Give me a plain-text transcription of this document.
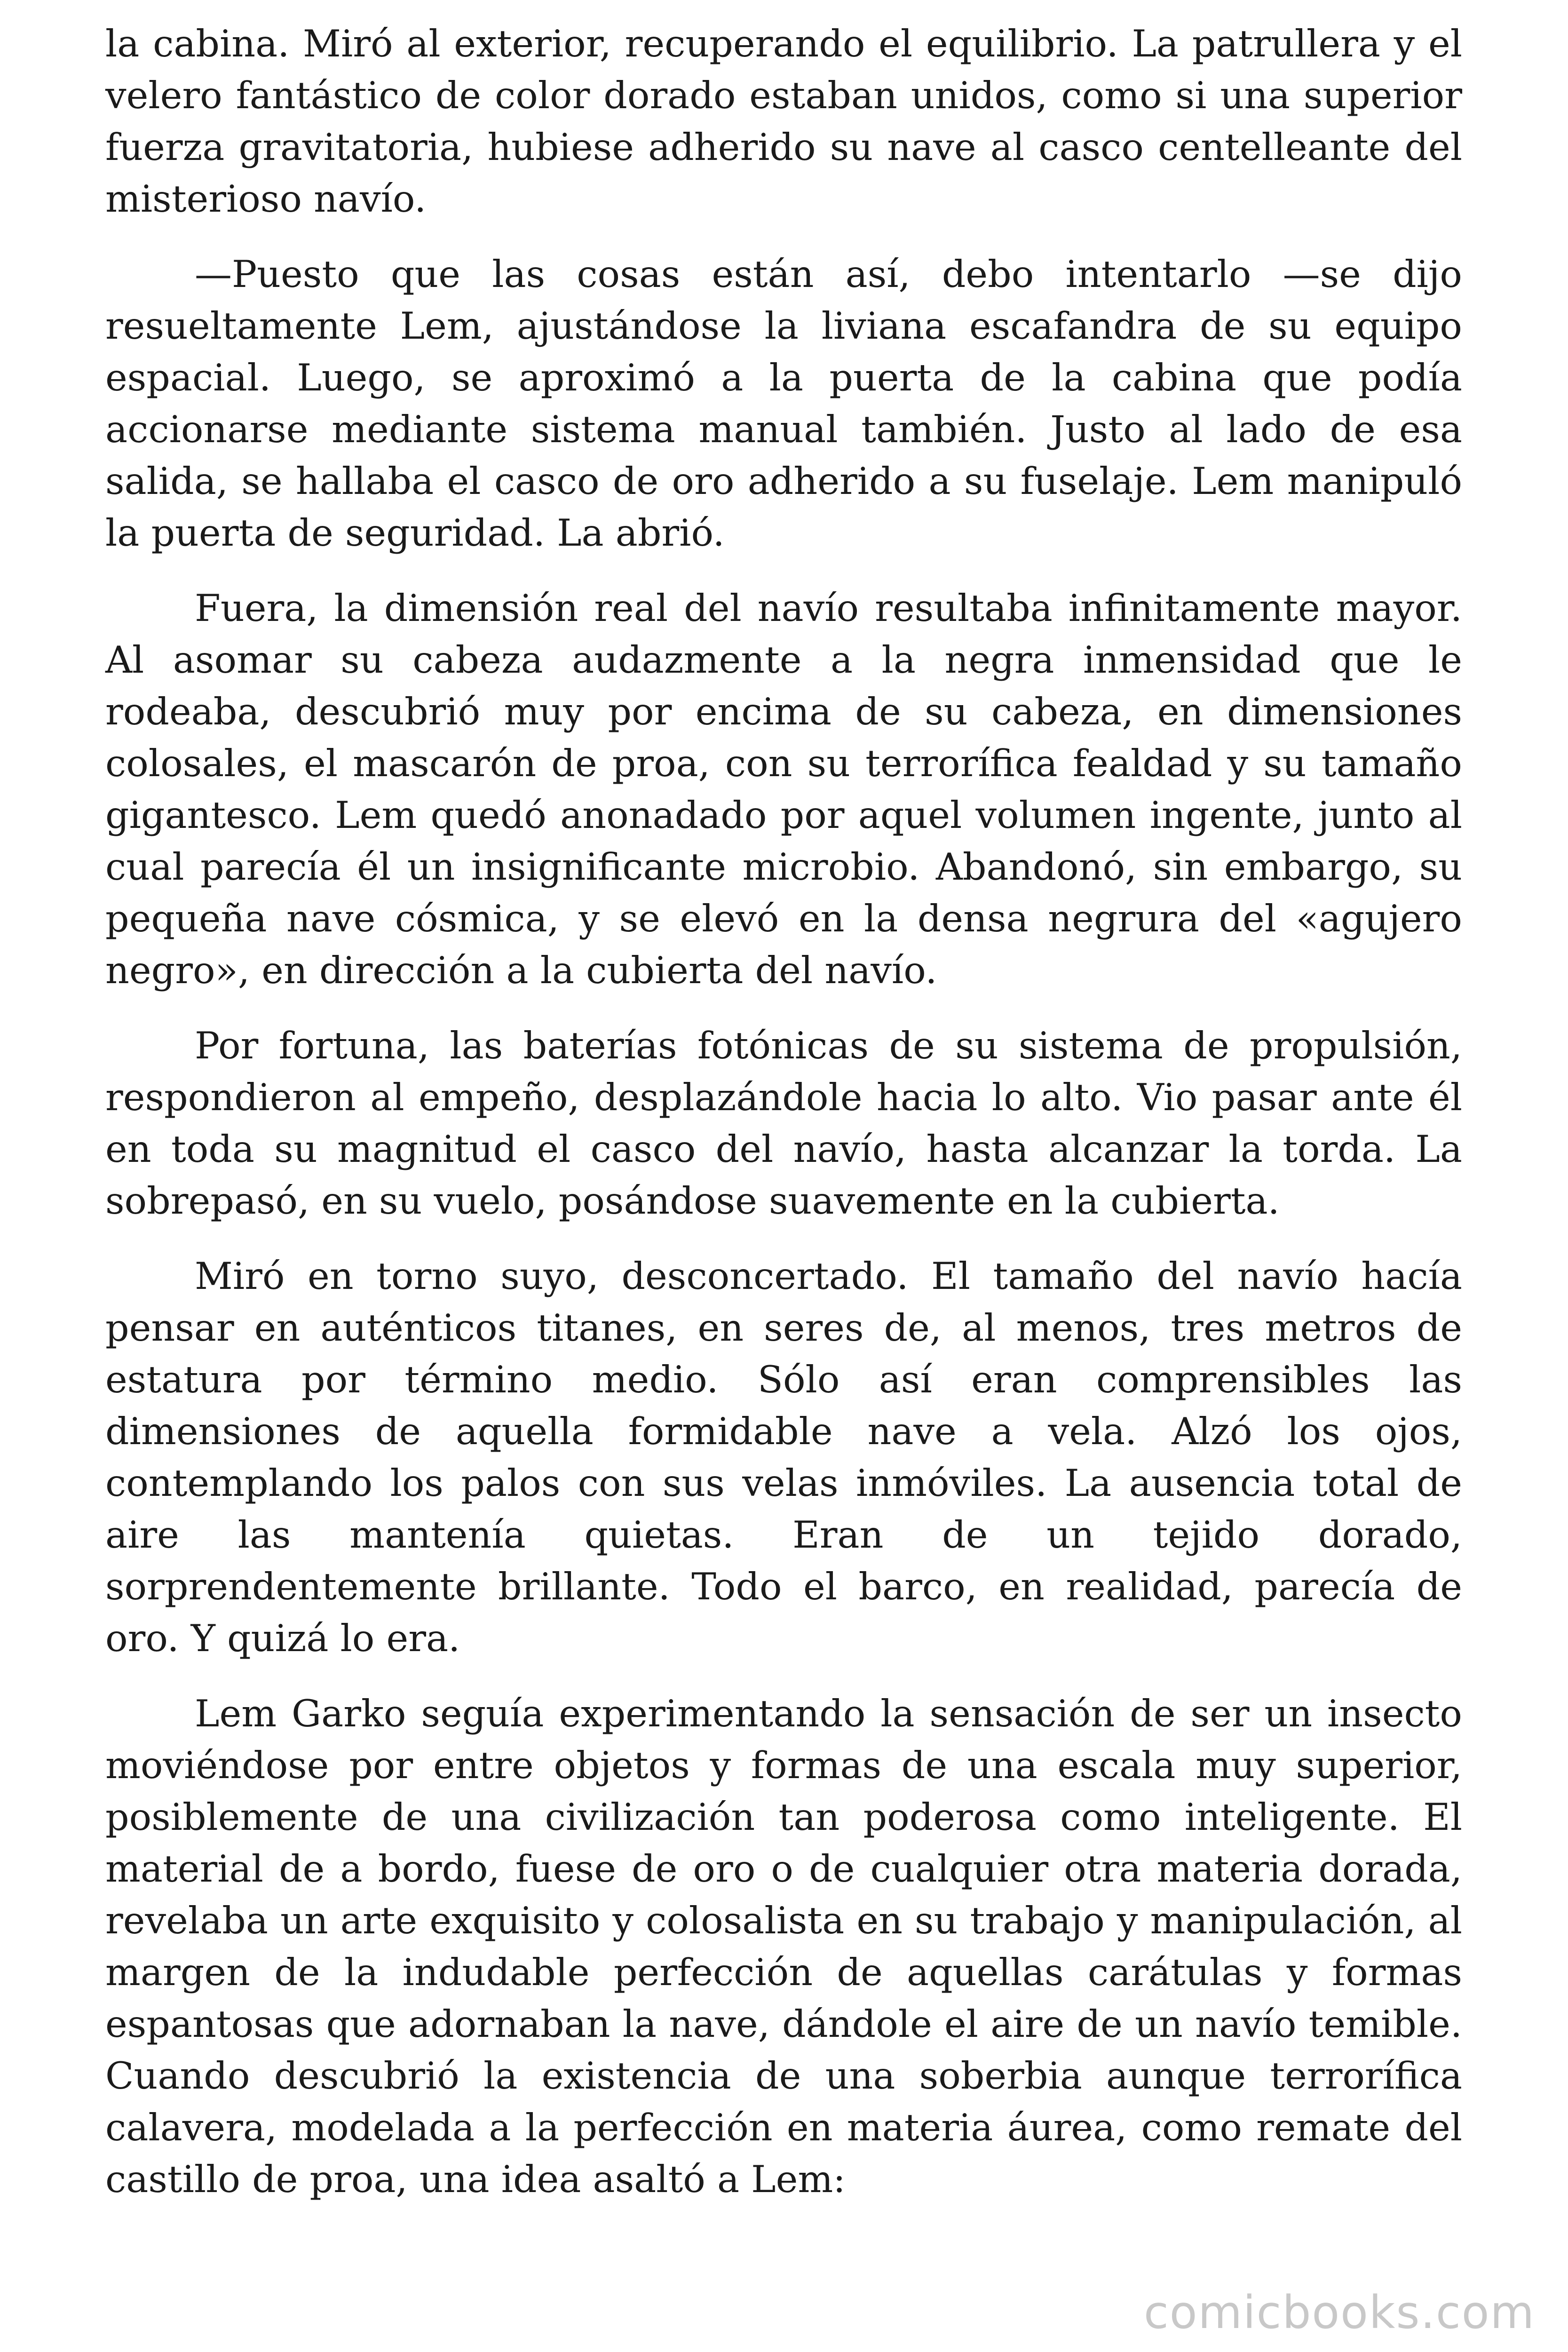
la cabina. Miró al exterior, recuperando el equilibrio. La patrullera y el velero fantástico de color dorado estaban unidos, como si una superior fuerza gravitatoria, hubiese adherido su nave al casco centelleante del misterioso navío.

—Puesto que las cosas están así, debo intentarlo —se dijo resueltamente Lem, ajustándose la liviana escafandra de su equipo espacial. Luego, se aproximó a la puerta de la cabina que podía accionarse mediante sistema manual también. Justo al lado de esa salida, se hallaba el casco de oro adherido a su fuselaje. Lem manipuló la puerta de seguridad. La abrió.

Fuera, la dimensión real del navío resultaba infinitamente mayor. Al asomar su cabeza audazmente a la negra inmensidad que le rodeaba, descubrió muy por encima de su cabeza, en dimensiones colosales, el mascarón de proa, con su terrorífica fealdad y su tamaño gigantesco. Lem quedó anonadado por aquel volumen ingente, junto al cual parecía él un insignificante microbio. Abandonó, sin embargo, su pequeña nave cósmica, y se elevó en la densa negrura del «agujero negro», en dirección a la cubierta del navío.

Por fortuna, las baterías fotónicas de su sistema de propulsión, respondieron al empeño, desplazándole hacia lo alto. Vio pasar ante él en toda su magnitud el casco del navío, hasta alcanzar la torda. La sobrepasó, en su vuelo, posándose suavemente en la cubierta.

Miró en torno suyo, desconcertado. El tamaño del navío hacía pensar en auténticos titanes, en seres de, al menos, tres metros de estatura por término medio. Sólo así eran comprensibles las dimensiones de aquella formidable nave a vela. Alzó los ojos, contemplando los palos con sus velas inmóviles. La ausencia total de aire las mantenía quietas. Eran de un tejido dorado, sorprendentemente brillante. Todo el barco, en realidad, parecía de oro. Y quizá lo era.

Lem Garko seguía experimentando la sensación de ser un insecto moviéndose por entre objetos y formas de una escala muy superior, posiblemente de una civilización tan poderosa como inteligente. El material de a bordo, fuese de oro o de cualquier otra materia dorada, revelaba un arte exquisito y colosalista en su trabajo y manipulación, al margen de la indudable perfección de aquellas carátulas y formas espantosas que adornaban la nave, dándole el aire de un navío temible. Cuando descubrió la existencia de una soberbia aunque terrorífica calavera, modelada a la perfección en materia áurea, como remate del castillo de proa, una idea asaltó a Lem:

comicbooks.com
